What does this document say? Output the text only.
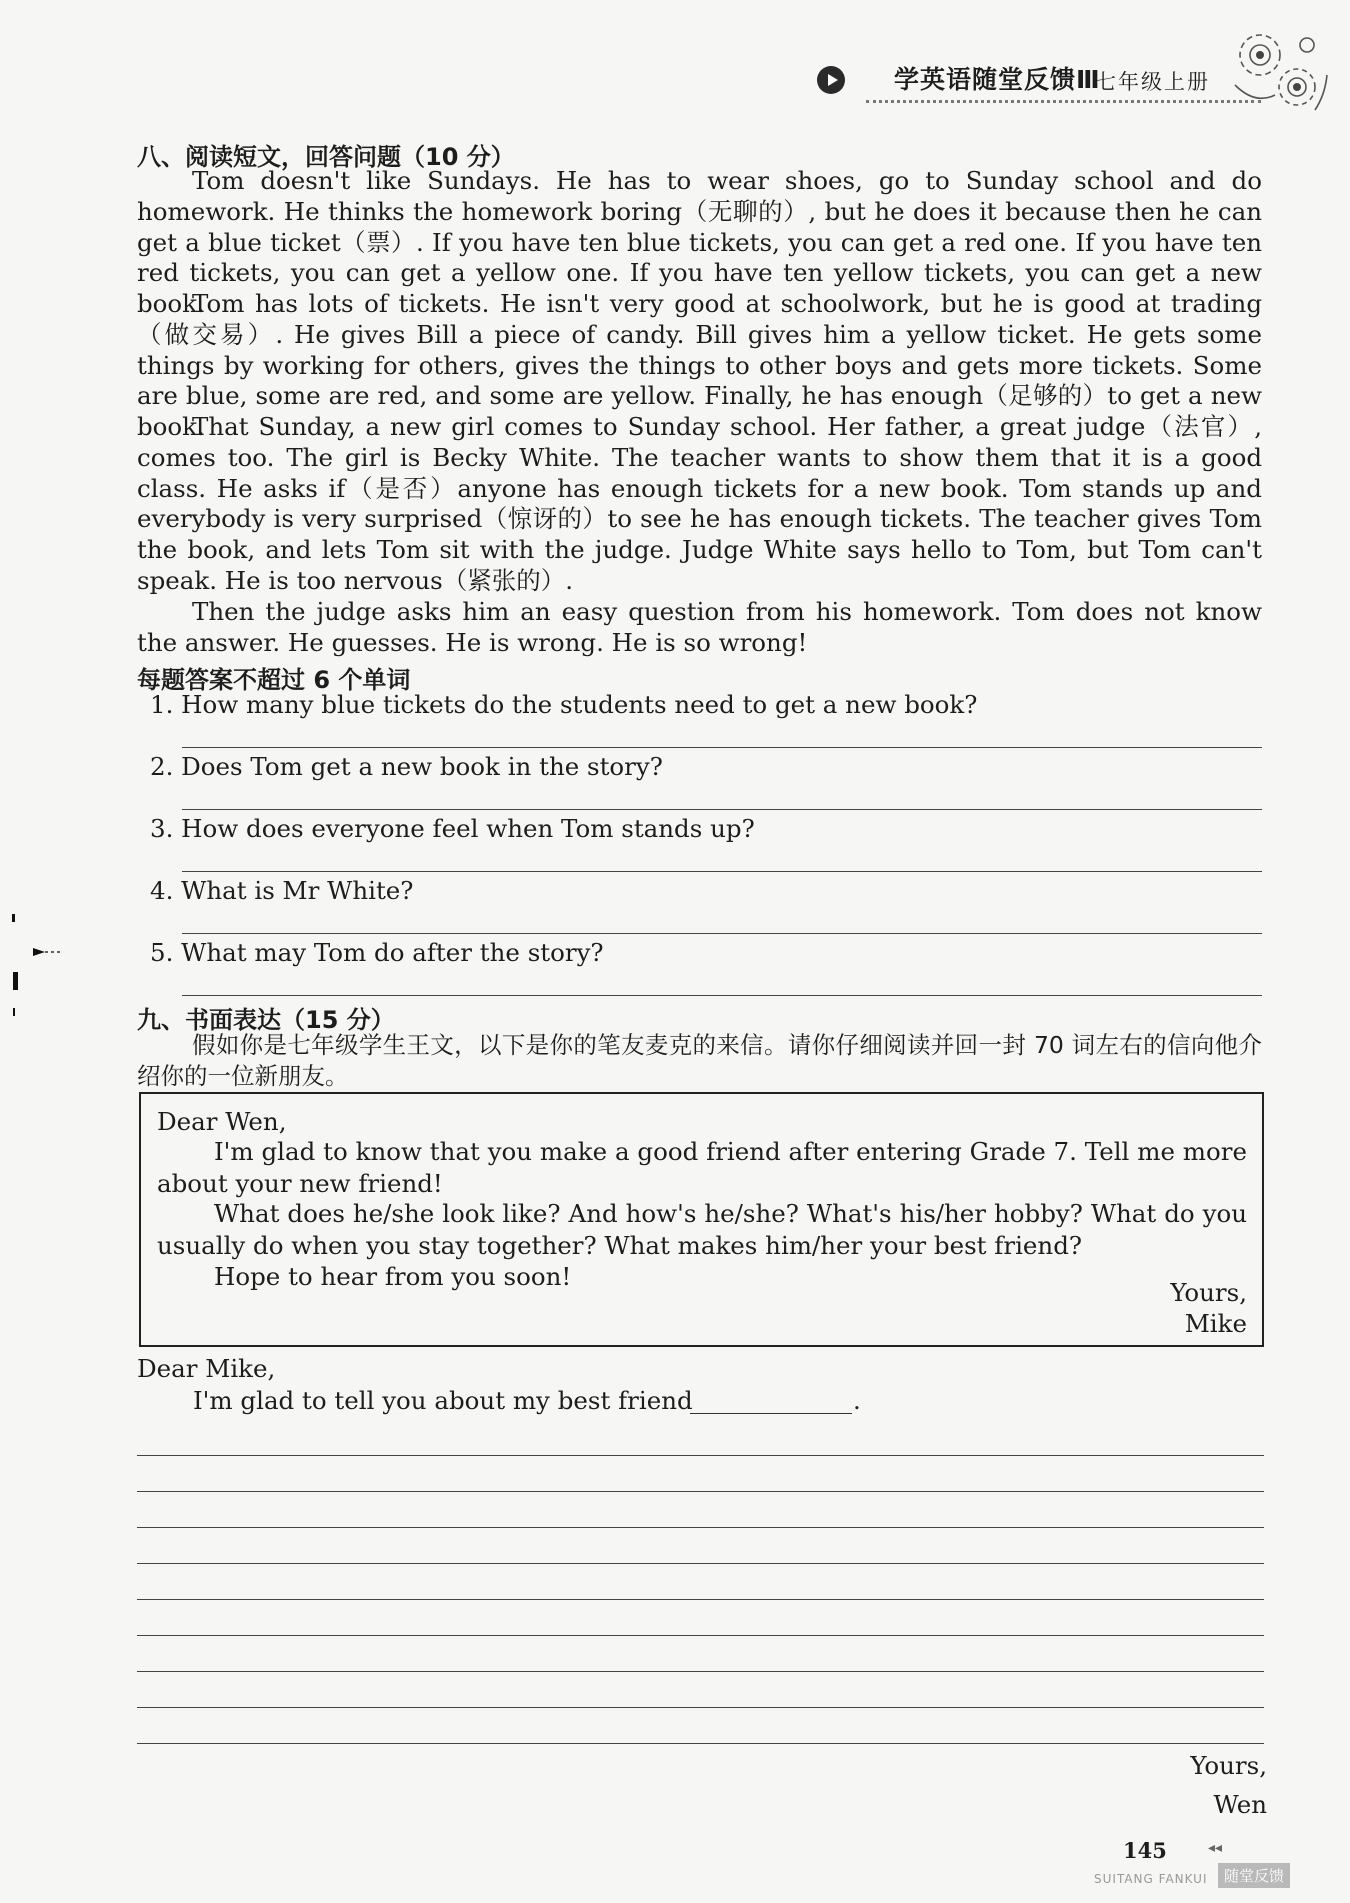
学英语随堂反馈Ⅲ
七年级上册
八、阅读短文，回答问题（10 分）
Tom doesn't like Sundays. He has to wear shoes, go to Sunday school and do homework. He thinks the homework boring（无聊的）, but he does it because then he can get a blue ticket（票）. If you have ten blue tickets, you can get a red one. If you have ten red tickets, you can get a yellow one. If you have ten yellow tickets, you can get a new book.
Tom has lots of tickets. He isn't very good at schoolwork, but he is good at trading（做交易）. He gives Bill a piece of candy. Bill gives him a yellow ticket. He gets some things by working for others, gives the things to other boys and gets more tickets. Some are blue, some are red, and some are yellow. Finally, he has enough（足够的）to get a new book.
That Sunday, a new girl comes to Sunday school. Her father, a great judge（法官）, comes too. The girl is Becky White. The teacher wants to show them that it is a good class. He asks if（是否）anyone has enough tickets for a new book. Tom stands up and everybody is very surprised（惊讶的）to see he has enough tickets. The teacher gives Tom the book, and lets Tom sit with the judge. Judge White says hello to Tom, but Tom can't speak. He is too nervous（紧张的）.
Then the judge asks him an easy question from his homework. Tom does not know the answer. He guesses. He is wrong. He is so wrong!
每题答案不超过 6 个单词
1. How many blue tickets do the students need to get a new book?
2. Does Tom get a new book in the story?
3. How does everyone feel when Tom stands up?
4. What is Mr White?
5. What may Tom do after the story?
九、书面表达（15 分）
假如你是七年级学生王文，以下是你的笔友麦克的来信。请你仔细阅读并回一封 70 词左右的信向他介绍你的一位新朋友。
Dear Wen,
I'm glad to know that you make a good friend after entering Grade 7. Tell me more about your new friend!
What does he/she look like? And how's he/she? What's his/her hobby? What do you usually do when you stay together? What makes him/her your best friend?
Hope to hear from you soon!
Yours,
Mike
Dear Mike,
I'm glad to tell you about my best friend	.
Yours,
Wen
145	◂◂
SUITANG FANKUI	随堂反馈
